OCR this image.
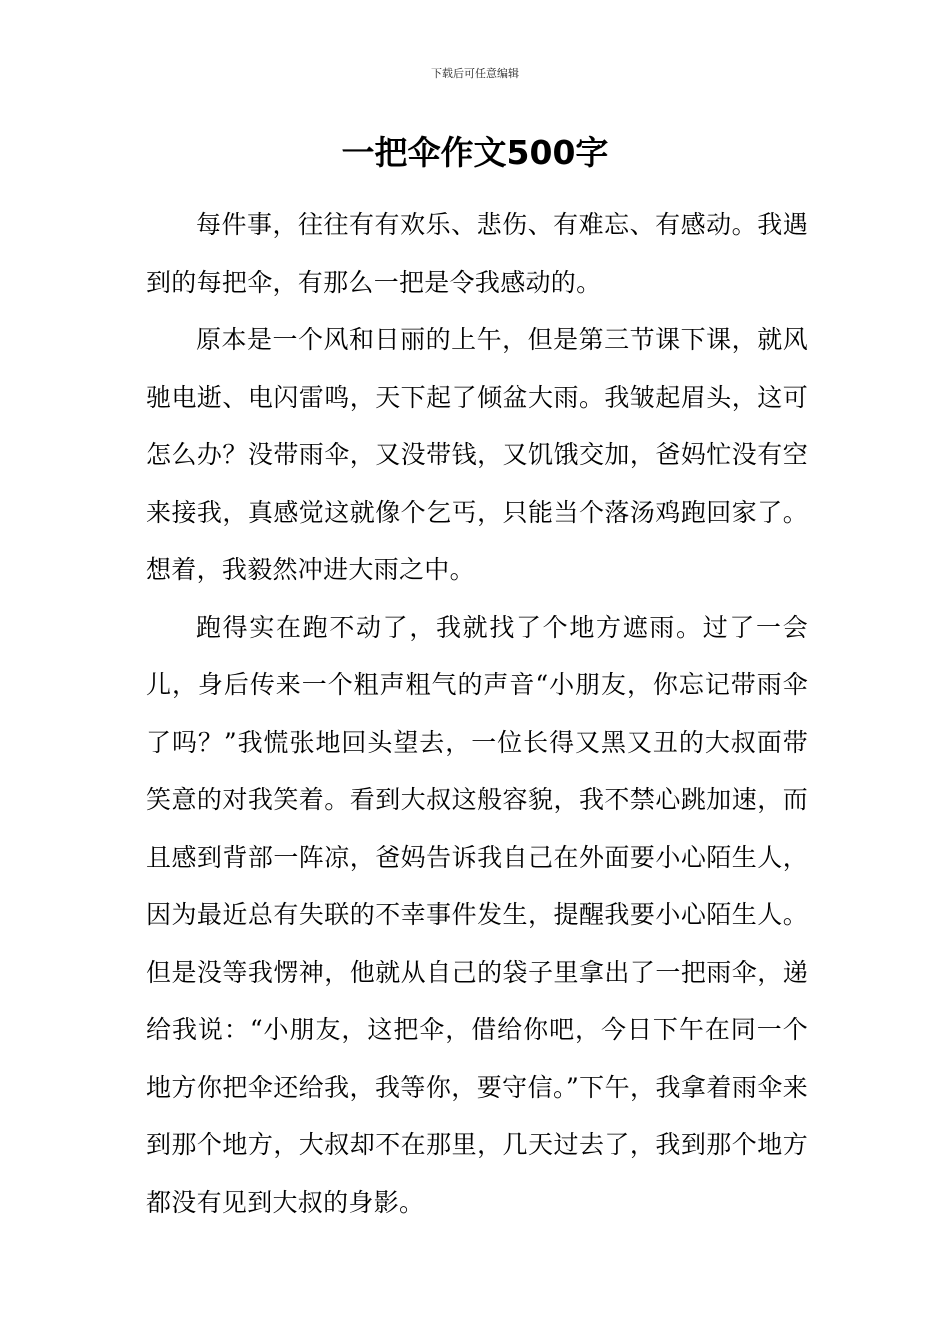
下载后可任意编辑
一把伞作文500字

每件事，往往有有欢乐、悲伤、有难忘、有感动。我遇到的每把伞，有那么一把是令我感动的。

原本是一个风和日丽的上午，但是第三节课下课，就风驰电逝、电闪雷鸣，天下起了倾盆大雨。我皱起眉头，这可怎么办？没带雨伞，又没带钱，又饥饿交加，爸妈忙没有空来接我，真感觉这就像个乞丐，只能当个落汤鸡跑回家了。想着，我毅然冲进大雨之中。

跑得实在跑不动了，我就找了个地方遮雨。过了一会儿，身后传来一个粗声粗气的声音“小朋友，你忘记带雨伞了吗？”我慌张地回头望去，一位长得又黑又丑的大叔面带笑意的对我笑着。看到大叔这般容貌，我不禁心跳加速，而且感到背部一阵凉，爸妈告诉我自己在外面要小心陌生人，因为最近总有失联的不幸事件发生，提醒我要小心陌生人。但是没等我愣神，他就从自己的袋子里拿出了一把雨伞，递给我说：“小朋友，这把伞，借给你吧，今日下午在同一个地方你把伞还给我，我等你，要守信。”下午，我拿着雨伞来到那个地方，大叔却不在那里，几天过去了，我到那个地方都没有见到大叔的身影。
